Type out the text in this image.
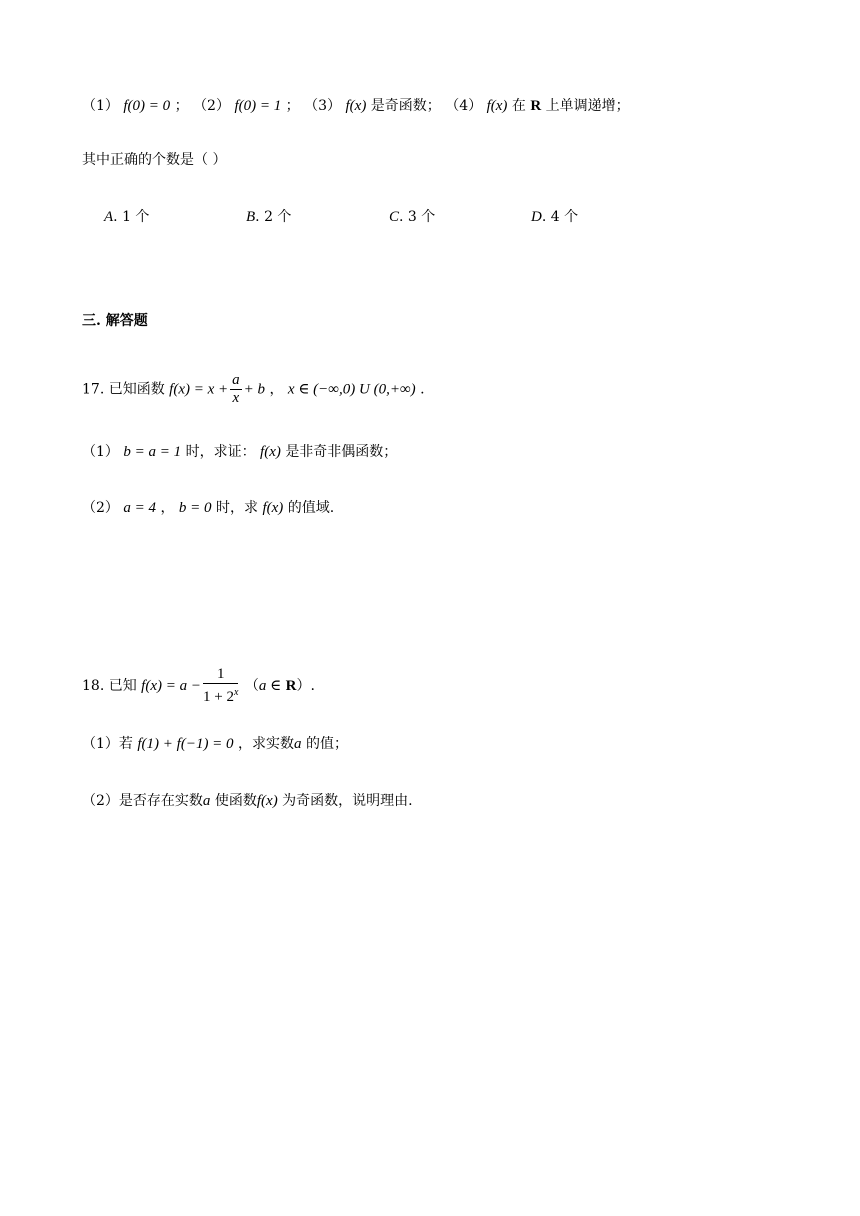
（1） f(0) = 0 ； （2） f(0) = 1 ； （3） f(x) 是奇函数； （4） f(x) 在 R 上单调递增；
其中正确的个数是（ ）
A. 1 个	B. 2 个	C. 3 个	D. 4 个
三. 解答题
17. 已知函数 $f(x) = x + \frac{a}{x} + b$ ， x ∈ (−∞,0) U (0,+∞) .
（1） b = a = 1 时，求证： f(x) 是非奇非偶函数；
（2） a = 4 ， b = 0 时，求 f(x) 的值域.
18. 已知 $f(x) = a - \frac{1}{1 + 2^x} (a$ ∈ R）.
（1）若 f(1) + f(−1) = 0 ，求实数a 的值；
（2）是否存在实数a 使函数f(x) 为奇函数，说明理由.
